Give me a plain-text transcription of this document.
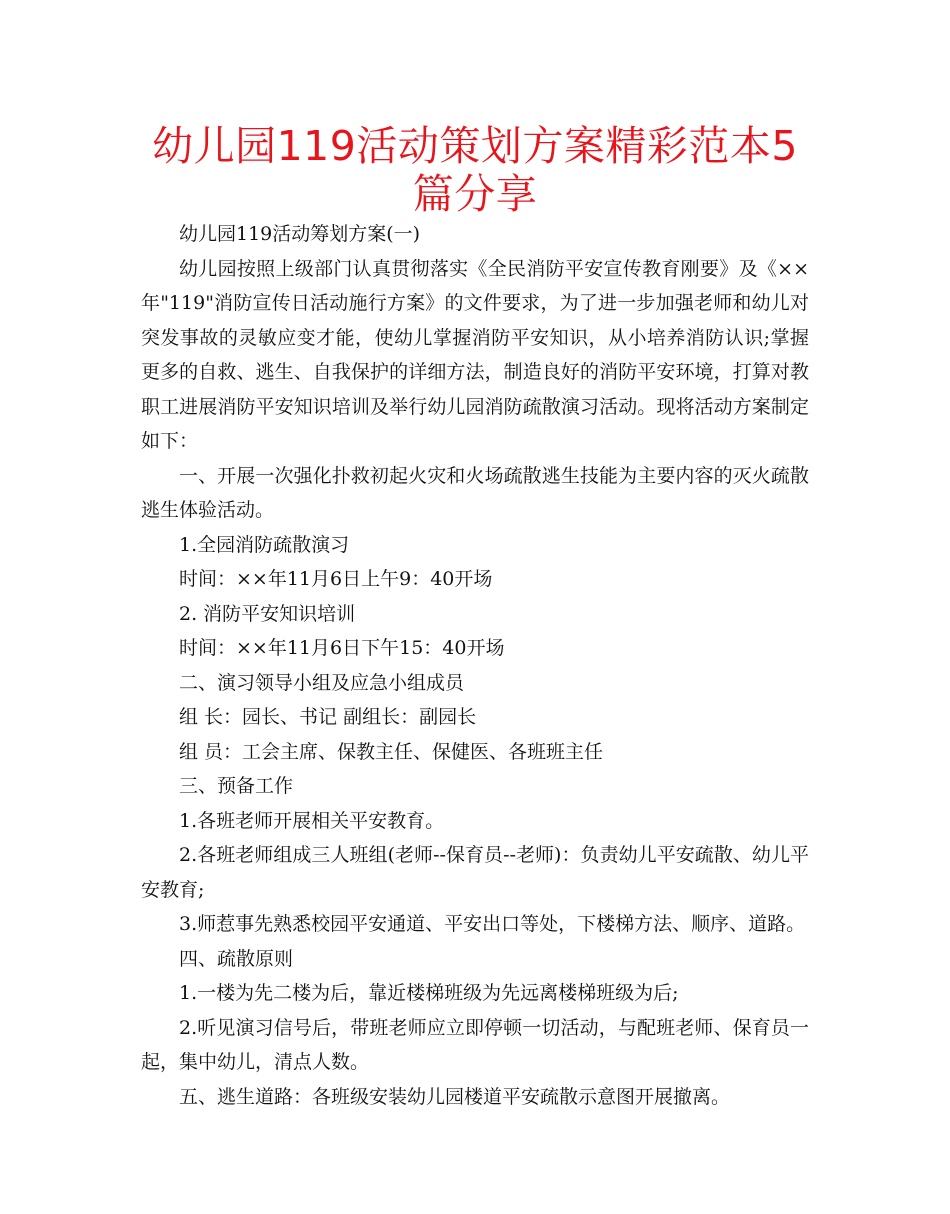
幼儿园119活动策划方案精彩范本5篇分享

幼儿园119活动筹划方案(一)

幼儿园按照上级部门认真贯彻落实《全民消防平安宣传教育刚要》及《××年"119"消防宣传日活动施行方案》的文件要求，为了进一步加强老师和幼儿对突发事故的灵敏应变才能，使幼儿掌握消防平安知识，从小培养消防认识;掌握更多的自救、逃生、自我保护的详细方法，制造良好的消防平安环境，打算对教职工进展消防平安知识培训及举行幼儿园消防疏散演习活动。现将活动方案制定如下：

一、开展一次强化扑救初起火灾和火场疏散逃生技能为主要内容的灭火疏散逃生体验活动。

1.全园消防疏散演习

时间：××年11月6日上午9：40开场

2. 消防平安知识培训

时间：××年11月6日下午15：40开场

二、演习领导小组及应急小组成员

组 长：园长、书记 副组长：副园长

组 员：工会主席、保教主任、保健医、各班班主任

三、预备工作

1.各班老师开展相关平安教育。

2.各班老师组成三人班组(老师--保育员--老师)：负责幼儿平安疏散、幼儿平安教育;

3.师惹事先熟悉校园平安通道、平安出口等处，下楼梯方法、顺序、道路。

四、疏散原则

1.一楼为先二楼为后，靠近楼梯班级为先远离楼梯班级为后;

2.听见演习信号后，带班老师应立即停顿一切活动，与配班老师、保育员一起，集中幼儿，清点人数。

五、逃生道路：各班级安装幼儿园楼道平安疏散示意图开展撤离。
